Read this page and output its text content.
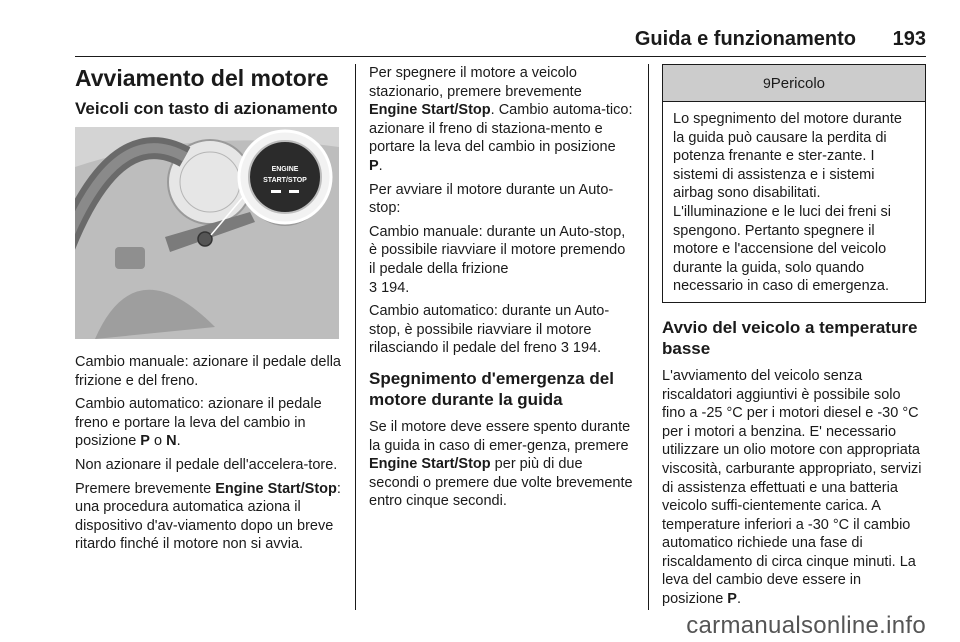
Guida e funzionamento 193
Avviamento del motore
Veicoli con tasto di azionamento
ENGINE
START/STOP

Cambio manuale: azionare il pedale della frizione e del freno.

Cambio automatico: azionare il pedale freno e portare la leva del cambio in posizione P o N.

Non azionare il pedale dell'accelera-tore.

Premere brevemente Engine Start/Stop: una procedura automatica aziona il dispositivo d'av-viamento dopo un breve ritardo finché il motore non si avvia.

Per spegnere il motore a veicolo stazionario, premere brevemente Engine Start/Stop. Cambio automa-tico: azionare il freno di staziona-mento e portare la leva del cambio in posizione P.

Per avviare il motore durante un Auto-stop:

Cambio manuale: durante un Auto-stop, è possibile riavviare il motore premendo il pedale della frizione
3 194.

Cambio automatico: durante un Auto-stop, è possibile riavviare il motore rilasciando il pedale del freno 3 194.

Spegnimento d'emergenza del motore durante la guida

Se il motore deve essere spento durante la guida in caso di emer-genza, premere Engine Start/Stop per più di due secondi o premere due volte brevemente entro cinque secondi.

9 Pericolo

Lo spegnimento del motore durante la guida può causare la perdita di potenza frenante e ster-zante. I sistemi di assistenza e i sistemi airbag sono disabilitati. L'illuminazione e le luci dei freni si spengono. Pertanto spegnere il motore e l'accensione del veicolo durante la guida, solo quando necessario in caso di emergenza.

Avvio del veicolo a temperature basse

L'avviamento del veicolo senza riscaldatori aggiuntivi è possibile solo fino a -25 °C per i motori diesel e -30 °C per i motori a benzina. E' necessario utilizzare un olio motore con appropriata viscosità, carburante appropriato, servizi di assistenza effettuati e una batteria veicolo suffi-cientemente carica. A temperature inferiori a -30 °C il cambio automatico richiede una fase di riscaldamento di circa cinque minuti. La leva del cambio deve essere in posizione P.

carmanualsonline.info
